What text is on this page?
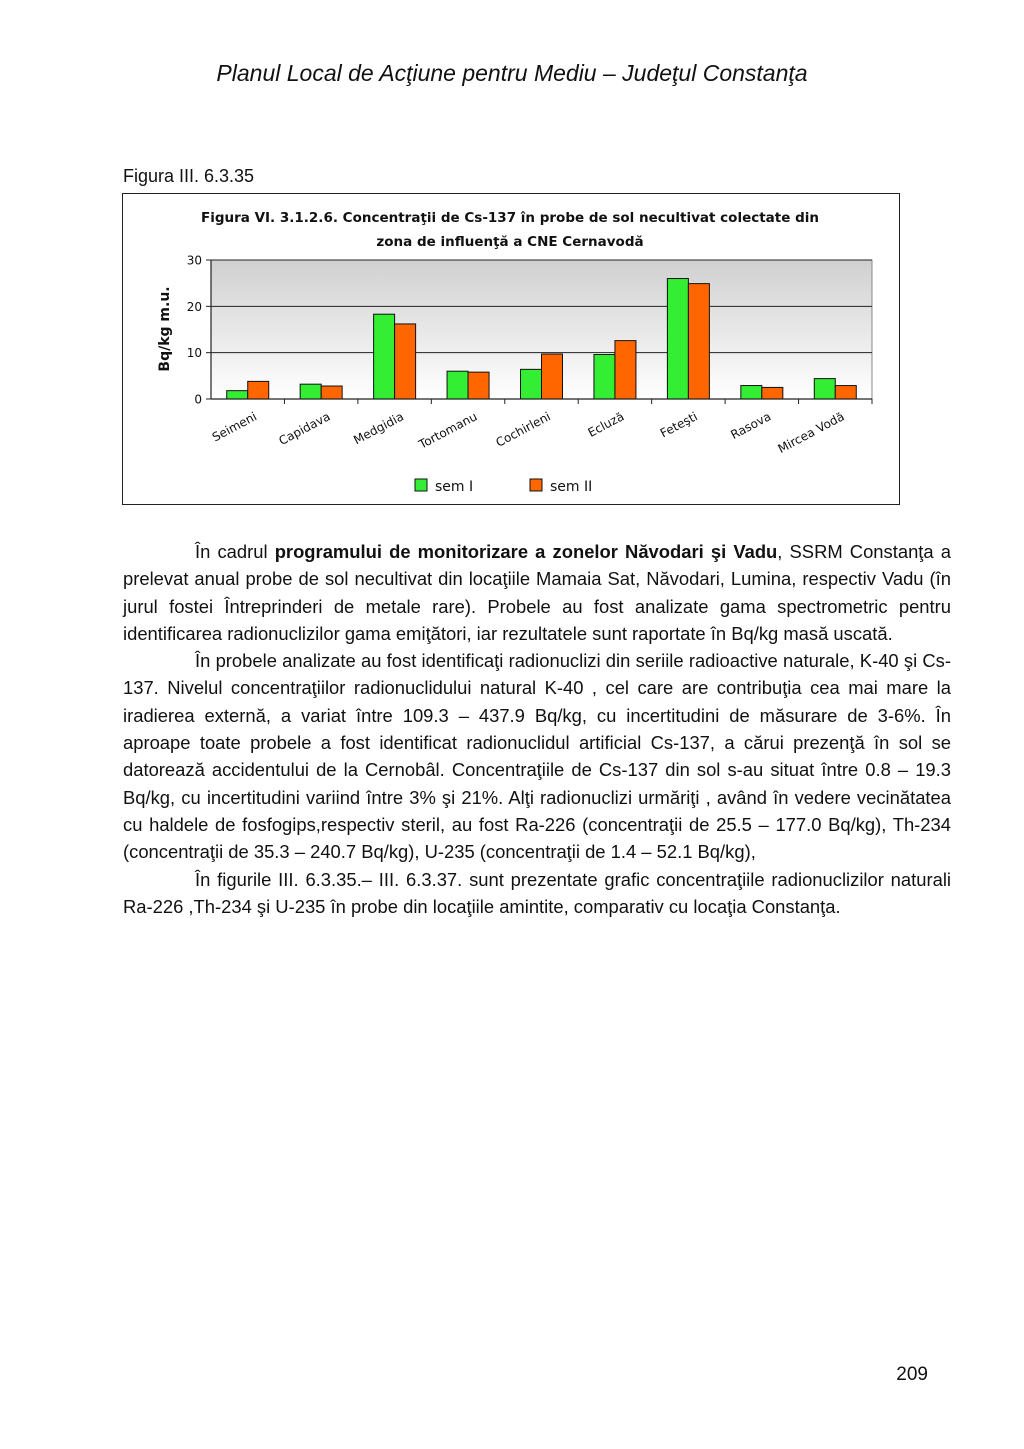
Planul Local de Acţiune pentru Mediu – Judeţul Constanţa
Figura III. 6.3.35
Figura VI. 3.1.2.6. Concentraţii de Cs-137 în probe de sol necultivat colectate din
zona de influenţă a CNE Cernavodă
0
10
20
30
Seimeni Capidava Medgidia Tortomanu Cochirleni	Ecluză	Feteşti Rasova Mircea Vodă
Bq/kg m.u.
sem I	sem II

În cadrul programului de monitorizare a zonelor Năvodari şi Vadu, SSRM Constanţa a prelevat anual probe de sol necultivat din locaţiile Mamaia Sat, Năvodari, Lumina, respectiv Vadu (în jurul fostei Întreprinderi de metale rare). Probele au fost analizate gama spectrometric pentru identificarea radionuclizilor gama emiţători, iar rezultatele sunt raportate în Bq/kg masă uscată.

În probele analizate au fost identificaţi radionuclizi din seriile radioactive naturale, K-40 şi Cs-137. Nivelul concentraţiilor radionuclidului natural K-40 , cel care are contribuţia cea mai mare la iradierea externă, a variat între 109.3 – 437.9 Bq/kg, cu incertitudini de măsurare de 3-6%. În aproape toate probele a fost identificat radionuclidul artificial Cs-137, a cărui prezenţă în sol se datorează accidentului de la Cernobâl. Concentraţiile de Cs-137 din sol s-au situat între 0.8 – 19.3 Bq/kg, cu incertitudini variind între 3% şi 21%. Alţi radionuclizi urmăriţi , având în vedere vecinătatea cu haldele de fosfogips,respectiv steril, au fost Ra-226 (concentraţii de 25.5 – 177.0 Bq/kg), Th-234 (concentraţii de 35.3 – 240.7 Bq/kg), U-235 (concentraţii de 1.4 – 52.1 Bq/kg),

În figurile III. 6.3.35.– III. 6.3.37. sunt prezentate grafic concentraţiile radionuclizilor naturali Ra-226 ,Th-234 şi U-235 în probe din locaţiile amintite, comparativ cu locaţia Constanţa.

209
